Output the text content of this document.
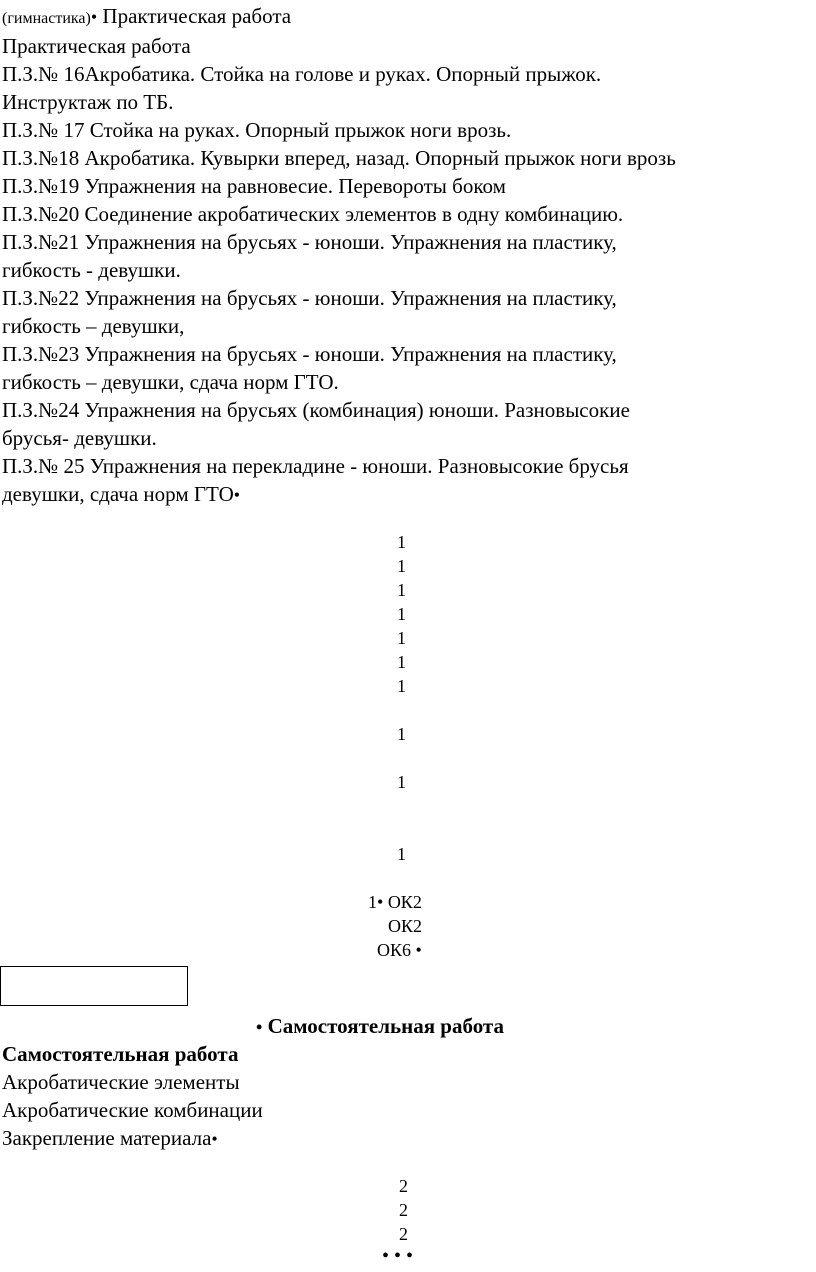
(гимнастика)• Практическая работа
Практическая работа
П.З.№ 16Акробатика. Стойка на голове и руках. Опорный прыжок.
Инструктаж по ТБ.
П.З.№ 17 Стойка на руках. Опорный прыжок ноги врозь.
П.З.№18 Акробатика. Кувырки вперед, назад. Опорный прыжок ноги врозь
П.З.№19 Упражнения на равновесие. Перевороты боком
П.З.№20 Соединение акробатических элементов в одну комбинацию.
П.З.№21 Упражнения на брусьях - юноши. Упражнения на пластику,
гибкость - девушки.
П.З.№22 Упражнения на брусьях - юноши. Упражнения на пластику,
гибкость – девушки,
П.З.№23 Упражнения на брусьях - юноши. Упражнения на пластику,
гибкость – девушки, сдача норм ГТО.
П.З.№24 Упражнения на брусьях (комбинация) юноши. Разновысокие
брусья- девушки.
П.З.№ 25 Упражнения на перекладине - юноши. Разновысокие брусья
девушки, сдача норм ГТО•
1
1
1
1
1
1
1
1
1
1
1• ОК2
ОК2
ОК6 •
• Самостоятельная работа
Самостоятельная работа
Акробатические элементы
Акробатические комбинации
Закрепление материала•
2
2
2
• • •
